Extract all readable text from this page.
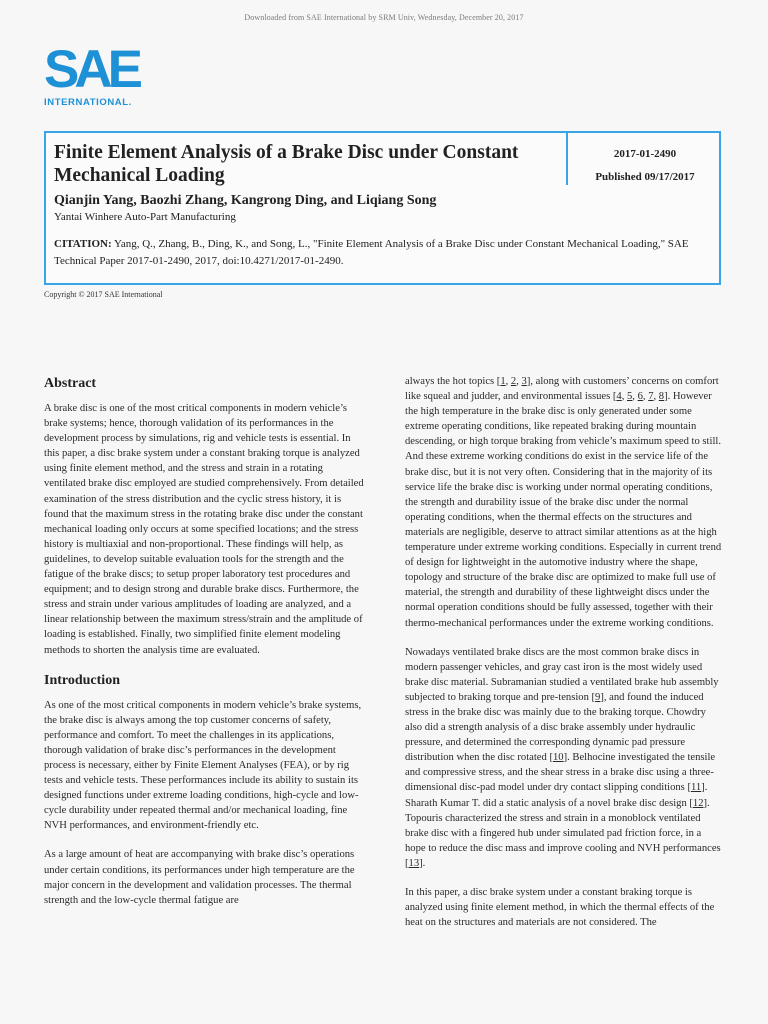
Downloaded from SAE International by SRM Univ, Wednesday, December 20, 2017
SAE
INTERNATIONAL.
Finite Element Analysis of a Brake Disc under Constant Mechanical Loading
2017-01-2490
Published 09/17/2017
Qianjin Yang, Baozhi Zhang, Kangrong Ding, and Liqiang Song
Yantai Winhere Auto-Part Manufacturing
CITATION: Yang, Q., Zhang, B., Ding, K., and Song, L., "Finite Element Analysis of a Brake Disc under Constant Mechanical Loading," SAE Technical Paper 2017-01-2490, 2017, doi:10.4271/2017-01-2490.
Copyright © 2017 SAE International
Abstract

A brake disc is one of the most critical components in modern vehicle’s brake systems; hence, thorough validation of its performances in the development process by simulations, rig and vehicle tests is essential. In this paper, a disc brake system under a constant braking torque is analyzed using finite element method, and the stress and strain in a rotating ventilated brake disc employed are studied comprehensively. From detailed examination of the stress distribution and the cyclic stress history, it is found that the maximum stress in the rotating brake disc under the constant mechanical loading only occurs at some specified locations; and the stress history is multiaxial and non-proportional. These findings will help, as guidelines, to develop suitable evaluation tools for the strength and the fatigue of the brake discs; to setup proper laboratory test procedures and equipment; and to design strong and durable brake discs. Furthermore, the stress and strain under various amplitudes of loading are analyzed, and a linear relationship between the maximum stress/strain and the amplitude of loading is established. Finally, two simplified finite element modeling methods to shorten the analysis time are evaluated.

Introduction

As one of the most critical components in modern vehicle’s brake systems, the brake disc is always among the top customer concerns of safety, performance and comfort. To meet the challenges in its applications, thorough validation of brake disc’s performances in the development process is necessary, either by Finite Element Analyses (FEA), or by rig tests and vehicle tests. These performances include its ability to sustain its designed functions under extreme loading conditions, high-cycle and low-cycle durability under repeated thermal and/or mechanical loading, fine NVH performances, and environment-friendly etc.

As a large amount of heat are accompanying with brake disc’s operations under certain conditions, its performances under high temperature are the major concern in the development and validation processes. The thermal strength and the low-cycle thermal fatigue are

always the hot topics [1, 2, 3], along with customers’ concerns on comfort like squeal and judder, and environmental issues [4, 5, 6, 7, 8]. However the high temperature in the brake disc is only generated under some extreme operating conditions, like repeated braking during mountain descending, or high torque braking from vehicle’s maximum speed to still. And these extreme working conditions do exist in the service life of the brake disc, but it is not very often. Considering that in the majority of its service life the brake disc is working under normal operating conditions, the strength and durability issue of the brake disc under the normal operating conditions, when the thermal effects on the structures and materials are negligible, deserve to attract similar attentions as at the high temperature under extreme working conditions. Especially in current trend of design for lightweight in the automotive industry where the shape, topology and structure of the brake disc are optimized to make full use of material, the strength and durability of these lightweight discs under the normal operation conditions should be fully assessed, together with their thermo-mechanical performances under the extreme working conditions.

Nowadays ventilated brake discs are the most common brake discs in modern passenger vehicles, and gray cast iron is the most widely used brake disc material. Subramanian studied a ventilated brake hub assembly subjected to braking torque and pre-tension [9], and found the induced stress in the brake disc was mainly due to the braking torque. Chowdry also did a strength analysis of a disc brake assembly under hydraulic pressure, and determined the corresponding dynamic pad pressure distribution when the disc rotated [10]. Belhocine investigated the tensile and compressive stress, and the shear stress in a brake disc using a three-dimensional disc-pad model under dry contact slipping conditions [11]. Sharath Kumar T. did a static analysis of a novel brake disc design [12]. Topouris characterized the stress and strain in a monoblock ventilated brake disc with a fingered hub under simulated pad friction force, in a hope to reduce the disc mass and improve cooling and NVH performances [13].

In this paper, a disc brake system under a constant braking torque is analyzed using finite element method, in which the thermal effects of the heat on the structures and materials are not considered. The
